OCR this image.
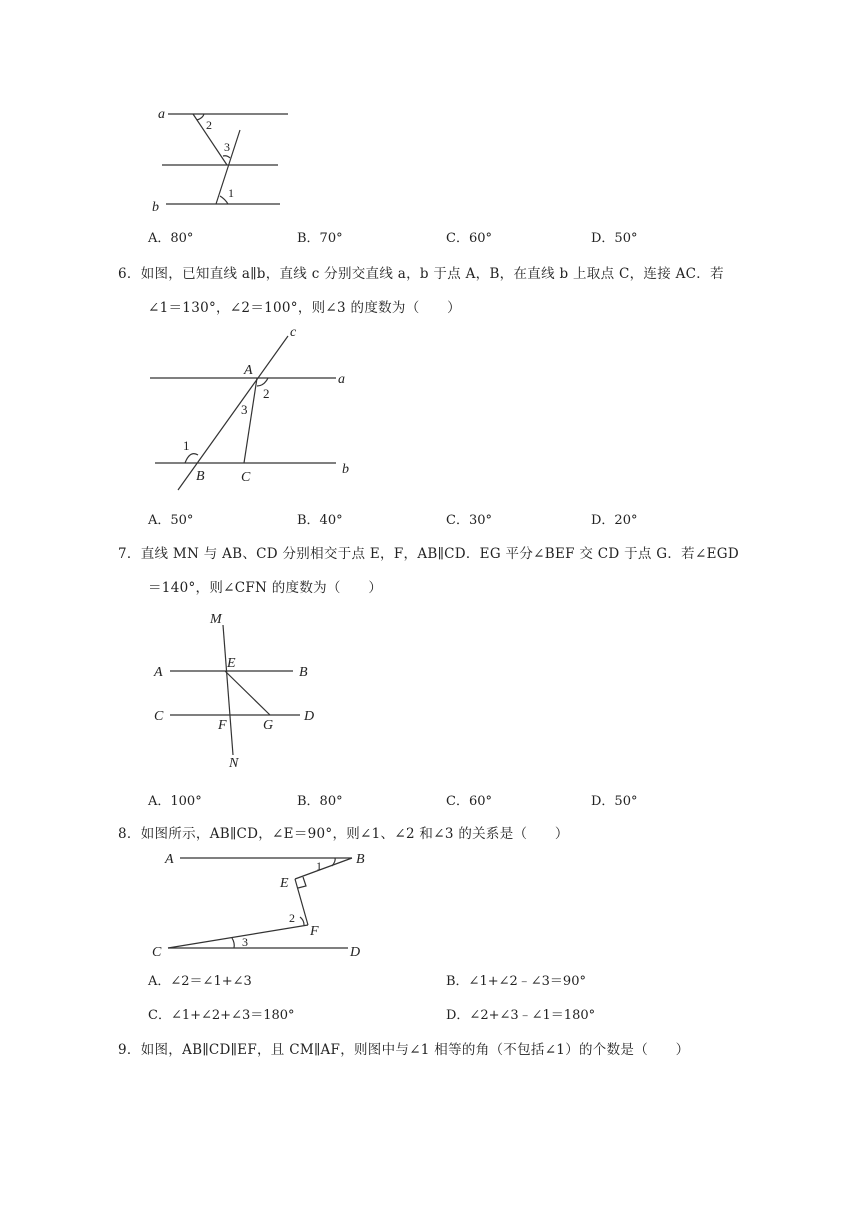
a
b
2
3
1
A．80°	B．70°	C．60°	D．50°
6．如图，已知直线 a∥b，直线 c 分别交直线 a，b 于点 A，B，在直线 b 上取点 C，连接 AC．若
∠1＝130°，∠2＝100°，则∠3 的度数为（　　）
c
A
a
2
3
1
B	C
b
A．50°	B．40°	C．30°	D．20°
7．直线 MN 与 AB、CD 分别相交于点 E，F，AB∥CD．EG 平分∠BEF 交 CD 于点 G．若∠EGD
＝140°，则∠CFN 的度数为（　　）
M
A
E
B
C
F	G
D
N
A．100°	B．80°	C．60°	D．50°
8．如图所示，AB∥CD，∠E＝90°，则∠1、∠2 和∠3 的关系是（　　）
A	B
1
E
2
F
3
C	D
A．∠2＝∠1+∠3	B．∠1+∠2﹣∠3＝90°
C．∠1+∠2+∠3＝180°	D．∠2+∠3﹣∠1＝180°
9．如图，AB∥CD∥EF，且 CM∥AF，则图中与∠1 相等的角（不包括∠1）的个数是（　　）
